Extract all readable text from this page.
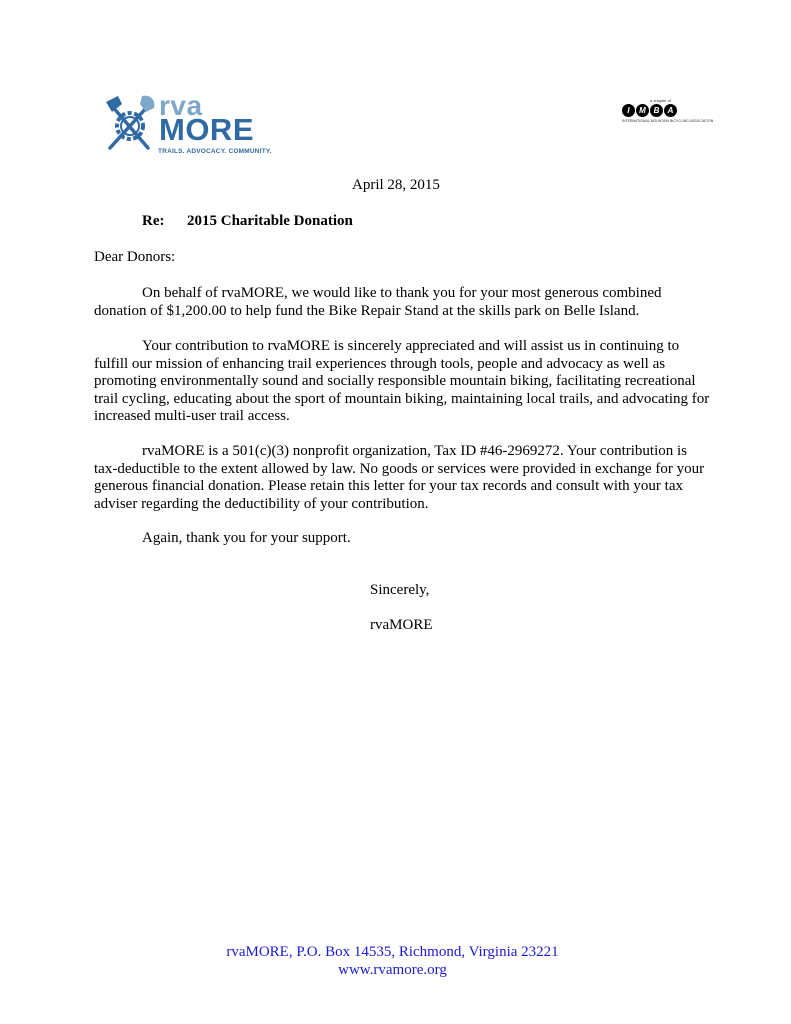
rva
MORE
TRAILS. ADVOCACY. COMMUNITY.
a chapter of
I	M B	A
INTERNATIONAL MOUNTAIN BICYCLING ASSOCIATION
April 28, 2015
Re: 2015 Charitable Donation
Dear Donors:
On behalf of rvaMORE, we would like to thank you for your most generous combined donation of $1,200.00 to help fund the Bike Repair Stand at the skills park on Belle Island.
Your contribution to rvaMORE is sincerely appreciated and will assist us in continuing to fulfill our mission of enhancing trail experiences through tools, people and advocacy as well as promoting environmentally sound and socially responsible mountain biking, facilitating recreational trail cycling, educating about the sport of mountain biking, maintaining local trails, and advocating for increased multi-user trail access.
rvaMORE is a 501(c)(3) nonprofit organization, Tax ID #46-2969272. Your contribution is tax-deductible to the extent allowed by law. No goods or services were provided in exchange for your generous financial donation. Please retain this letter for your tax records and consult with your tax adviser regarding the deductibility of your contribution.
Again, thank you for your support.
Sincerely,
rvaMORE
rvaMORE, P.O. Box 14535, Richmond, Virginia 23221
www.rvamore.org
